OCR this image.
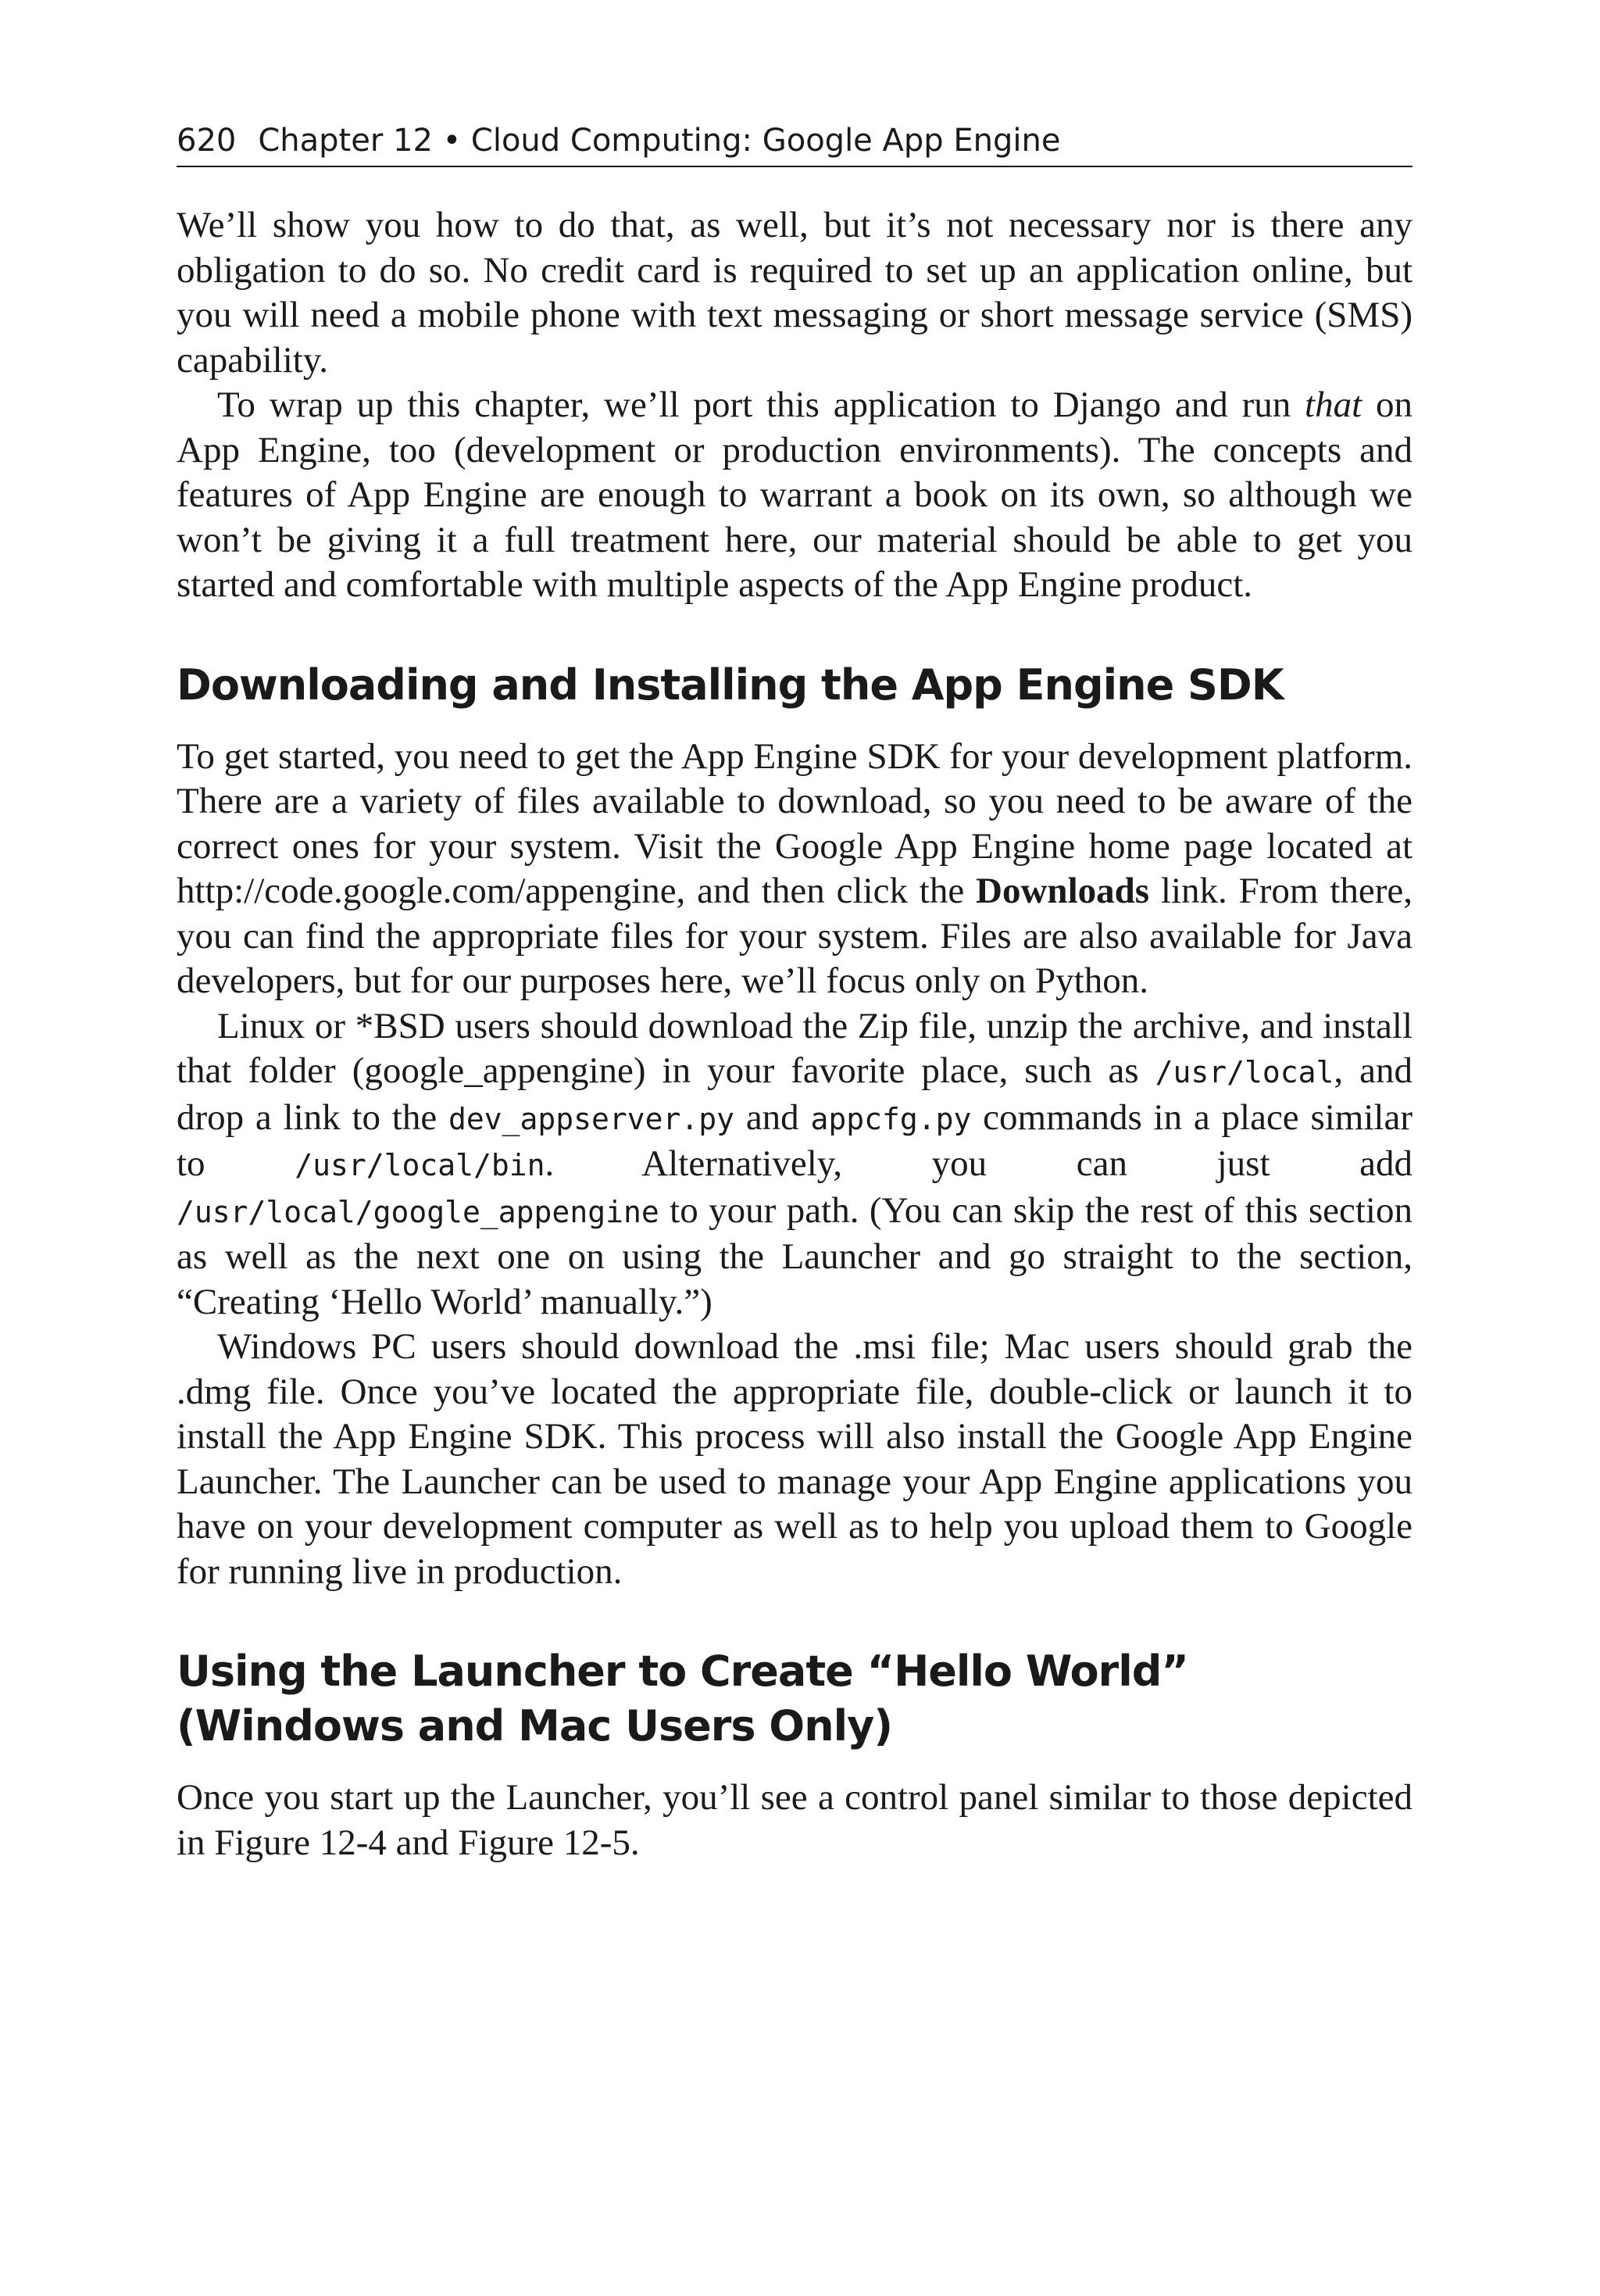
620 Chapter 12 • Cloud Computing: Google App Engine

We’ll show you how to do that, as well, but it’s not necessary nor is there any obligation to do so. No credit card is required to set up an application online, but you will need a mobile phone with text messaging or short message service (SMS) capability.

To wrap up this chapter, we’ll port this application to Django and run that on App Engine, too (development or production environments). The concepts and features of App Engine are enough to warrant a book on its own, so although we won’t be giving it a full treatment here, our material should be able to get you started and comfortable with multiple aspects of the App Engine product.

Downloading and Installing the App Engine SDK

To get started, you need to get the App Engine SDK for your development platform. There are a variety of files available to download, so you need to be aware of the correct ones for your system. Visit the Google App Engine home page located at http://code.google.com/appengine, and then click the Downloads link. From there, you can find the appropriate files for your system. Files are also available for Java developers, but for our purposes here, we’ll focus only on Python.

Linux or *BSD users should download the Zip file, unzip the archive, and install that folder (google_appengine) in your favorite place, such as /usr/local, and drop a link to the dev_appserver.py and appcfg.py commands in a place similar to /usr/local/bin. Alternatively, you can just add /usr/local/google_appengine to your path. (You can skip the rest of this section as well as the next one on using the Launcher and go straight to the section, “Creating ‘Hello World’ manually.”)

Windows PC users should download the .msi file; Mac users should grab the .dmg file. Once you’ve located the appropriate file, double-click or launch it to install the App Engine SDK. This process will also install the Google App Engine Launcher. The Launcher can be used to manage your App Engine applications you have on your development computer as well as to help you upload them to Google for running live in production.

Using the Launcher to Create “Hello World”
(Windows and Mac Users Only)

Once you start up the Launcher, you’ll see a control panel similar to those depicted in Figure 12-4 and Figure 12-5.
